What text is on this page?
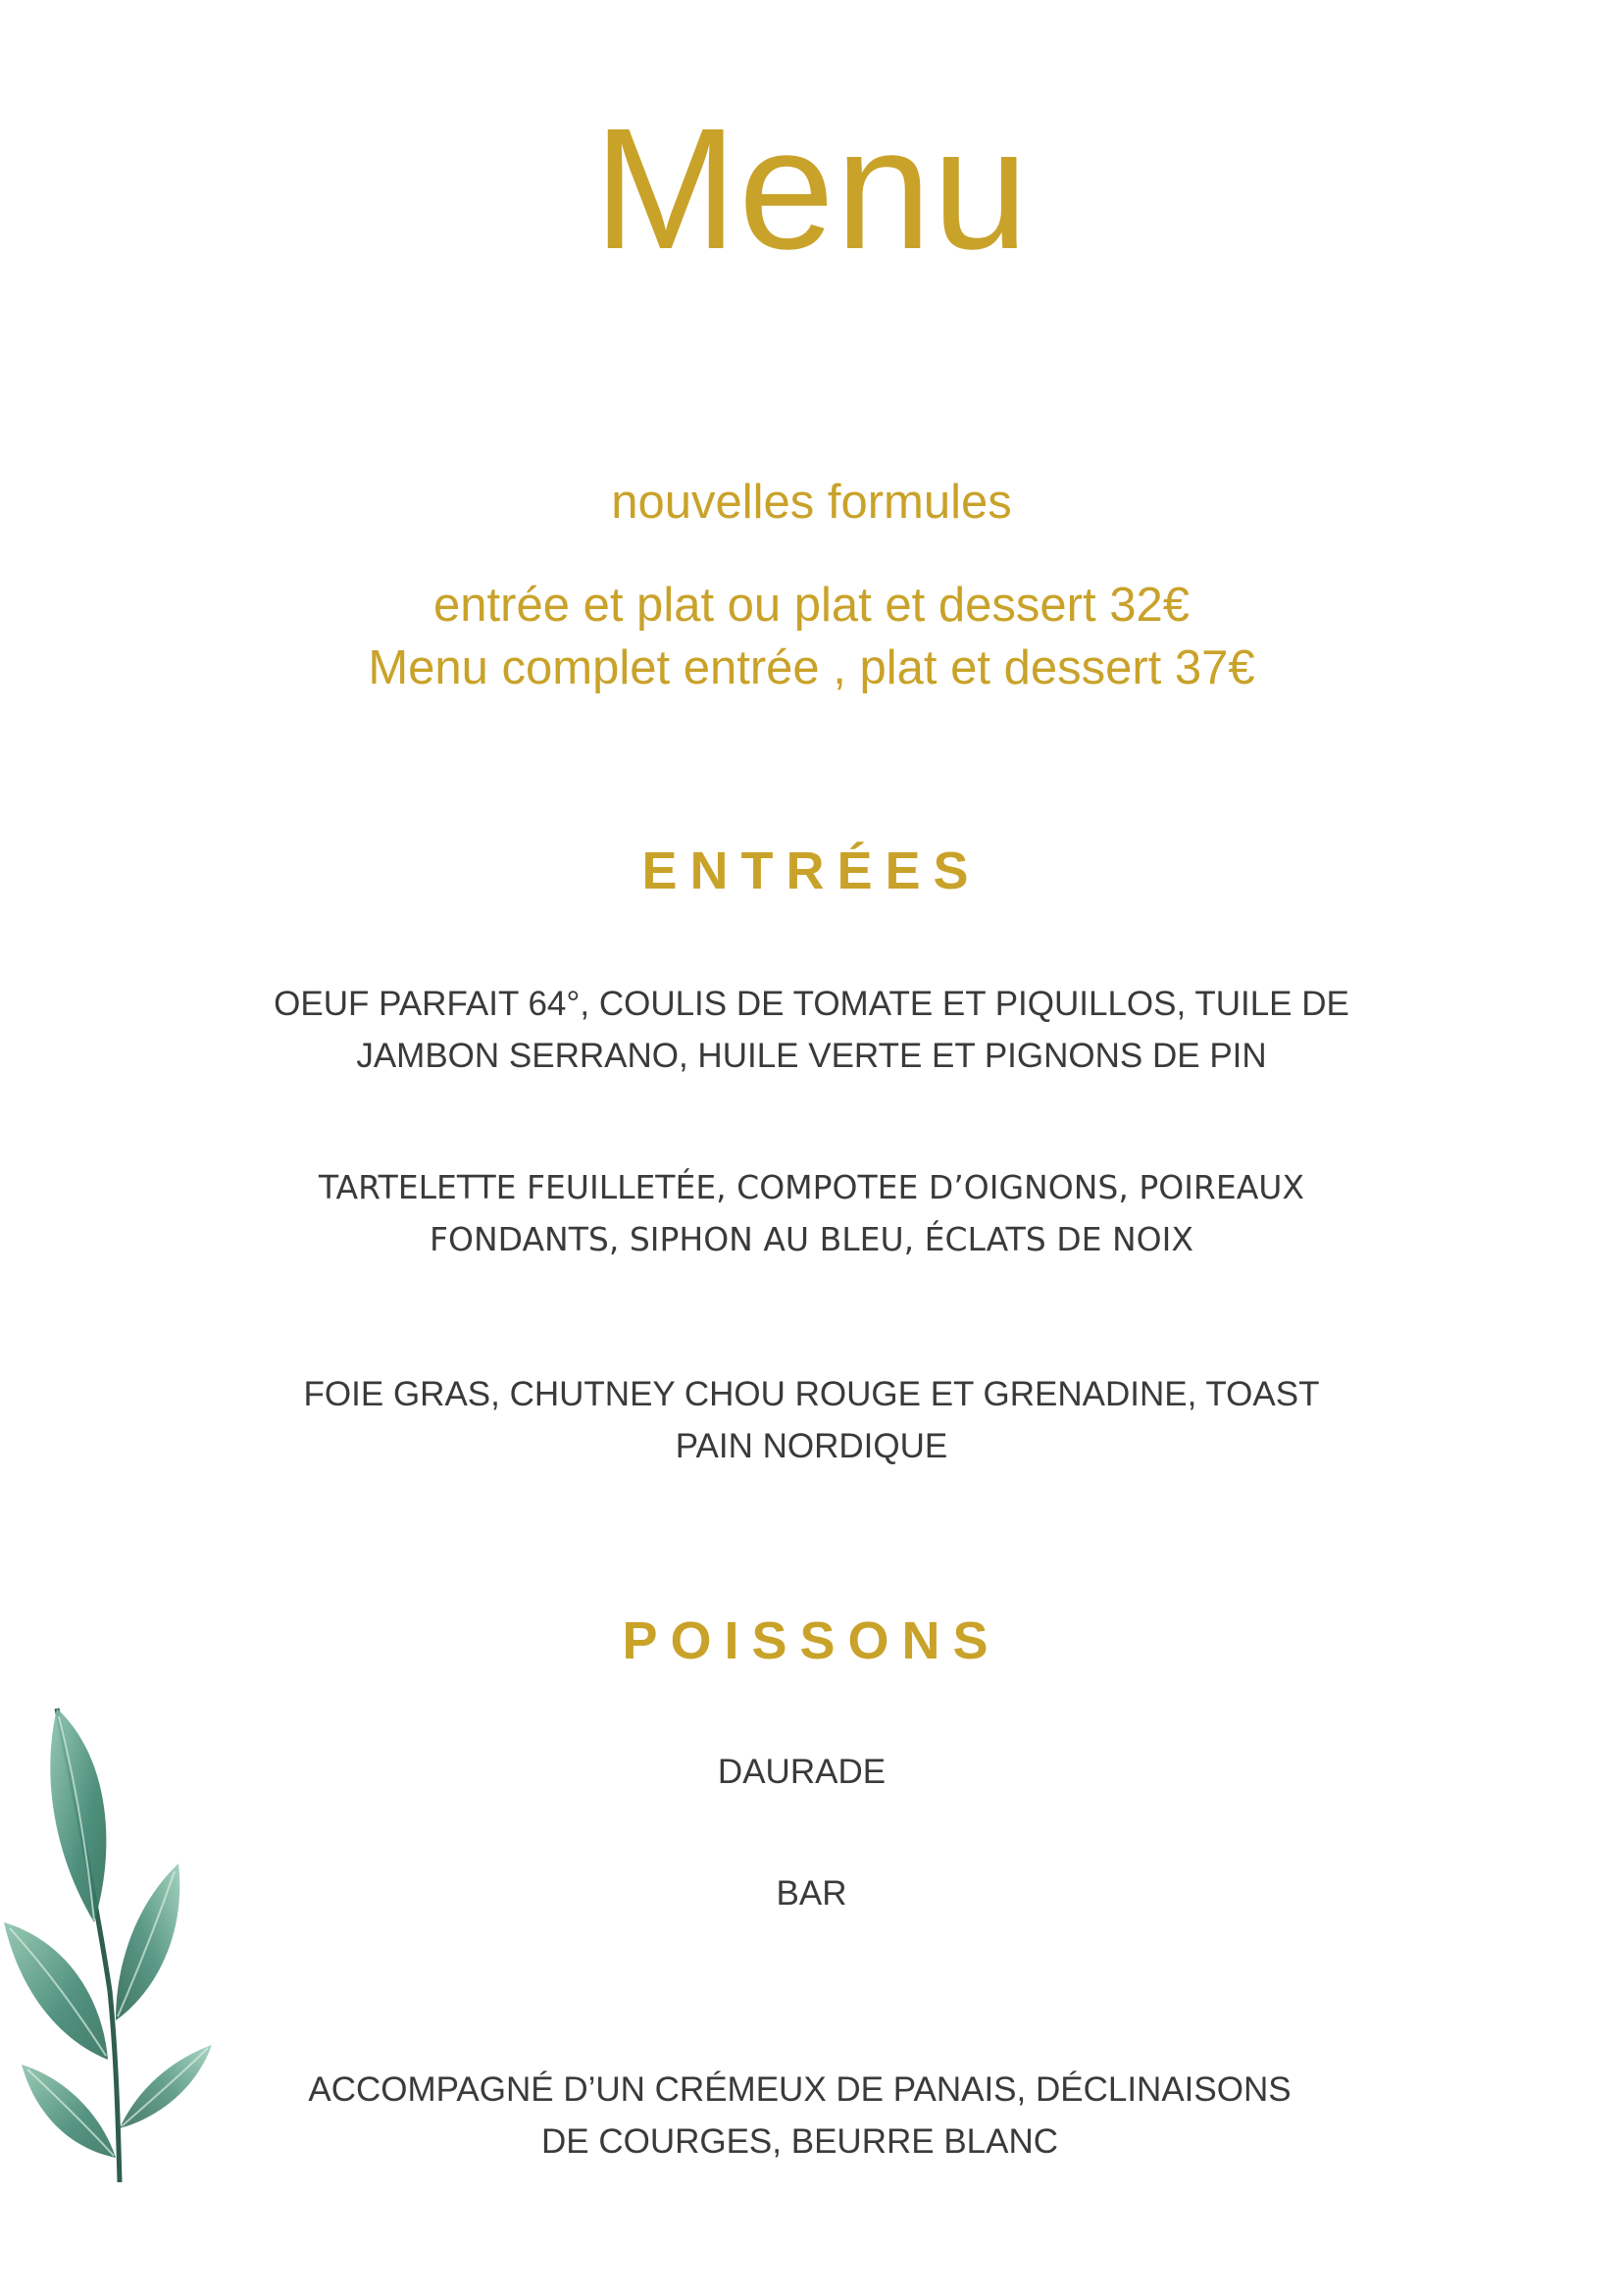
Menu
nouvelles formules
entrée et plat ou plat et dessert 32€
Menu complet entrée , plat et dessert 37€
ENTRÉES
OEUF PARFAIT 64°, COULIS DE TOMATE ET PIQUILLOS, TUILE DE
JAMBON SERRANO, HUILE VERTE ET PIGNONS DE PIN
TARTELETTE FEUILLETÉE, COMPOTEE D’OIGNONS, POIREAUX
FONDANTS, SIPHON AU BLEU, ÉCLATS DE NOIX
FOIE GRAS, CHUTNEY CHOU ROUGE ET GRENADINE, TOAST
PAIN NORDIQUE
POISSONS
DAURADE
BAR
ACCOMPAGNÉ D’UN CRÉMEUX DE PANAIS, DÉCLINAISONS
DE COURGES, BEURRE BLANC
